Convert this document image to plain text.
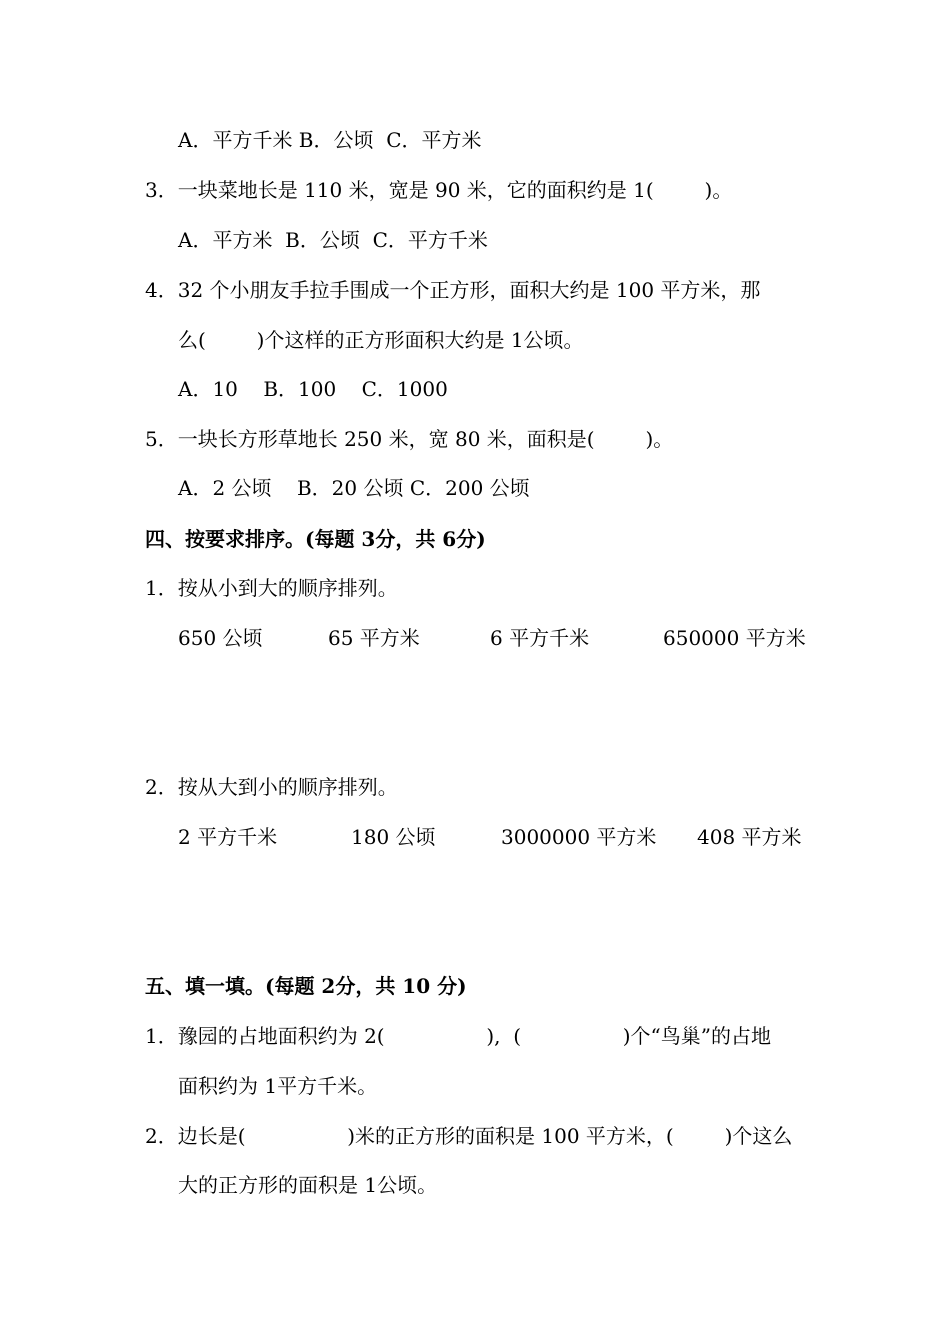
A．平方千米 B．公顷  C．平方米
3．一块菜地长是 110 米，宽是 90 米，它的面积约是 1(        )。
A．平方米  B．公顷  C．平方千米
4．32 个小朋友手拉手围成一个正方形，面积大约是 100 平方米，那
么(        )个这样的正方形面积大约是 1公顷。
A．10    B．100    C．1000
5．一块长方形草地长 250 米，宽 80 米，面积是(        )。
A．2 公顷    B．20 公顷 C．200 公顷
四、按要求排序。(每题 3分，共 6分)
1．按从小到大的顺序排列。
650 公顷	65 平方米	6 平方千米	650000 平方米
2．按从大到小的顺序排列。
2 平方千米	180 公顷	3000000 平方米 408 平方米
五、填一填。(每题 2分，共 10 分)
1．豫园的占地面积约为 2(                ),  (                )个“鸟巢”的占地
面积约为 1平方千米。
2．边长是(                )米的正方形的面积是 100 平方米，(        )个这么
大的正方形的面积是 1公顷。
